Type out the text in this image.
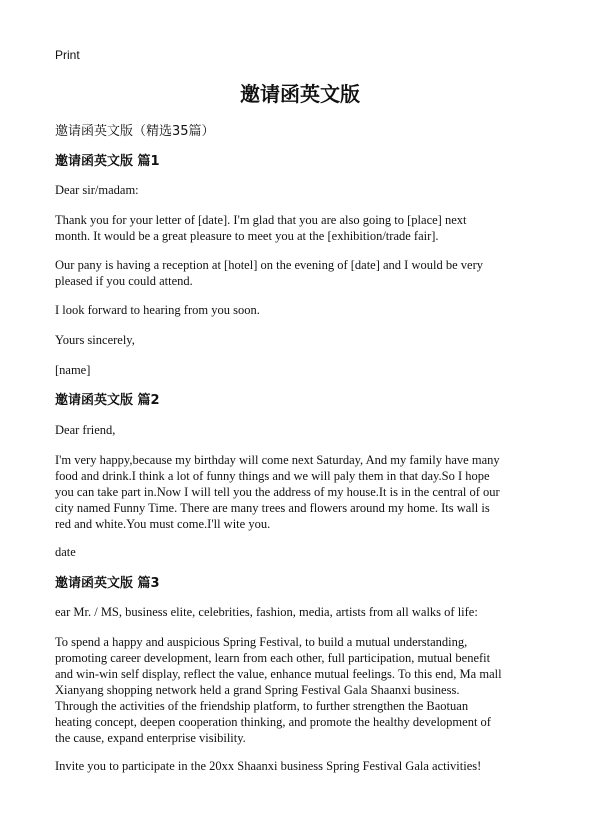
Print
邀请函英文版
邀请函英文版（精选35篇）
邀请函英文版 篇1
Dear sir/madam:
Thank you for your letter of [date]. I'm glad that you are also going to [place] next
month. It would be a great pleasure to meet you at the [exhibition/trade fair].
Our pany is having a reception at [hotel] on the evening of [date] and I would be very
pleased if you could attend.
I look forward to hearing from you soon.
Yours sincerely,
[name]
邀请函英文版 篇2
Dear friend,
I'm very happy,because my birthday will come next Saturday, And my family have many
food and drink.I think a lot of funny things and we will paly them in that day.So I hope
you can take part in.Now I will tell you the address of my house.It is in the central of our
city named Funny Time. There are many trees and flowers around my home. Its wall is
red and white.You must come.I'll wite you.
date
邀请函英文版 篇3
ear Mr. / MS, business elite, celebrities, fashion, media, artists from all walks of life:
To spend a happy and auspicious Spring Festival, to build a mutual understanding,
promoting career development, learn from each other, full participation, mutual benefit
and win-win self display, reflect the value, enhance mutual feelings. To this end, Ma mall
Xianyang shopping network held a grand Spring Festival Gala Shaanxi business.
Through the activities of the friendship platform, to further strengthen the Baotuan
heating concept, deepen cooperation thinking, and promote the healthy development of
the cause, expand enterprise visibility.
Invite you to participate in the 20xx Shaanxi business Spring Festival Gala activities!
